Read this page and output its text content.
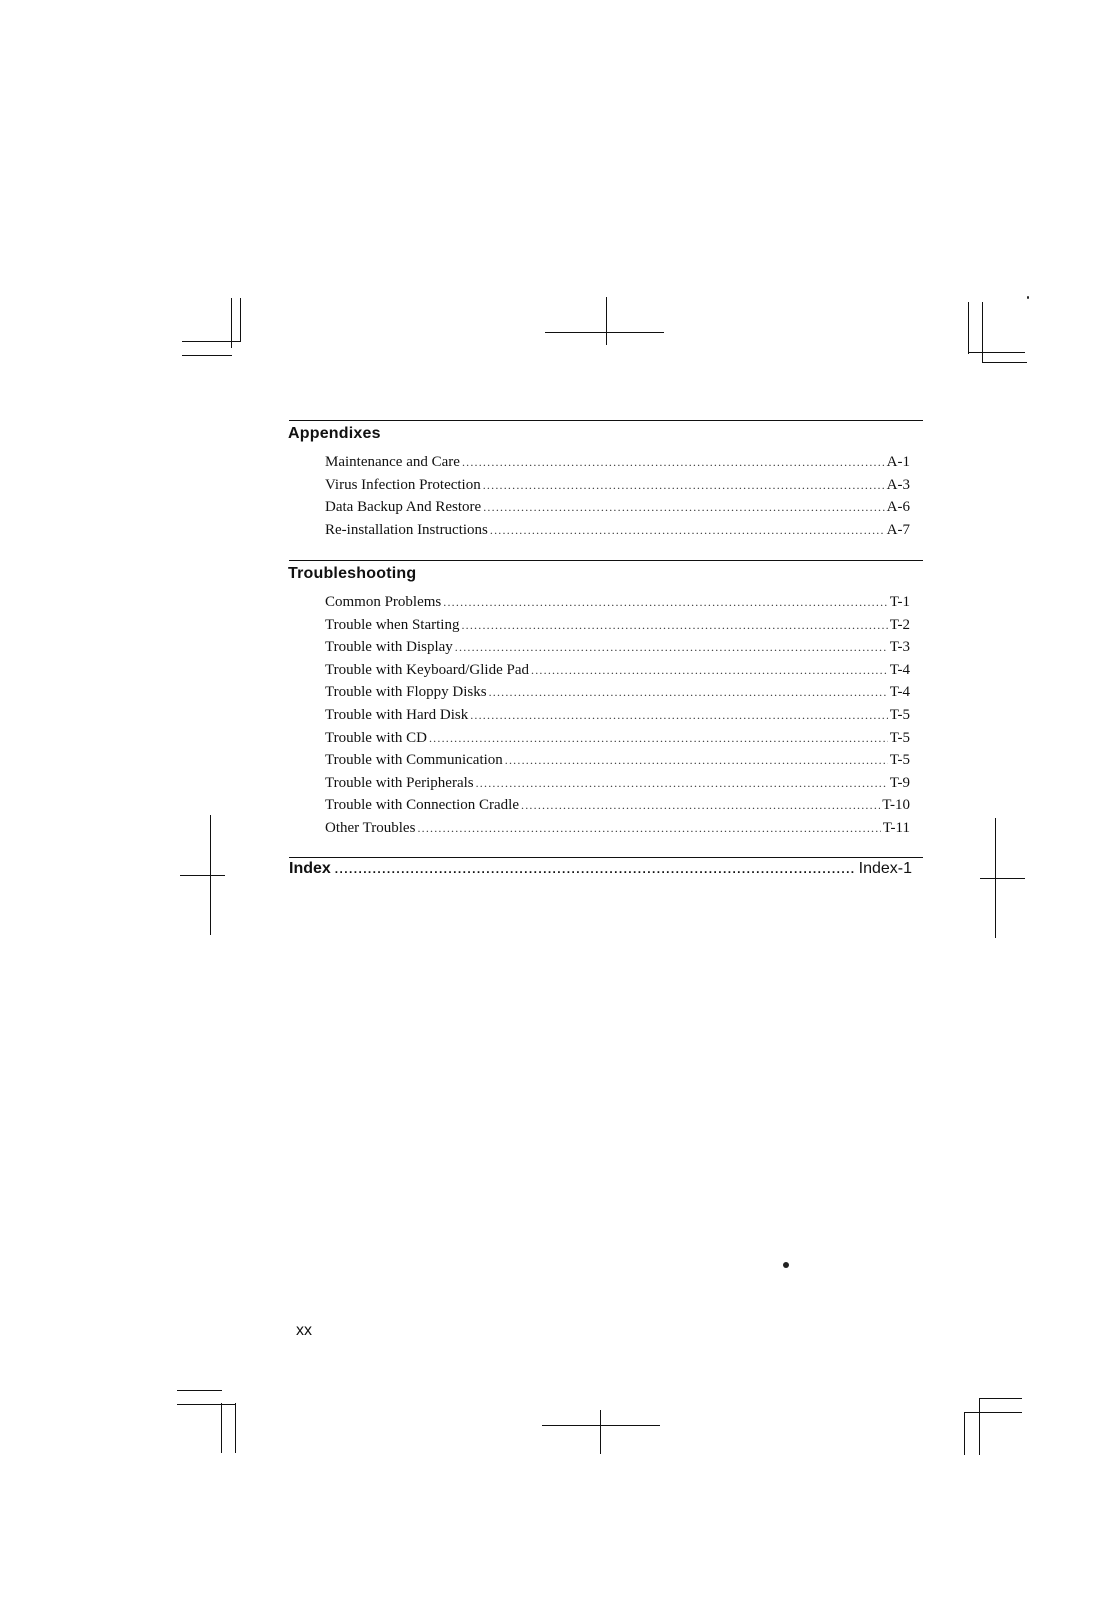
Appendixes
Maintenance and Care .....	A-1
Virus Infection Protection .....	A-3
Data Backup And Restore .....	A-6
Re-installation Instructions .....	A-7
Troubleshooting
Common Problems .....	T-1
Trouble when Starting .....	T-2
Trouble with Display .....	T-3
Trouble with Keyboard/Glide Pad .....	T-4
Trouble with Floppy Disks .....	T-4
Trouble with Hard Disk .....	T-5
Trouble with CD .....	T-5
Trouble with Communication .....	T-5
Trouble with Peripherals .....	T-9
Trouble with Connection Cradle .....	T-10
Other Troubles .....	T-11
Index .....	Index-1
xx
